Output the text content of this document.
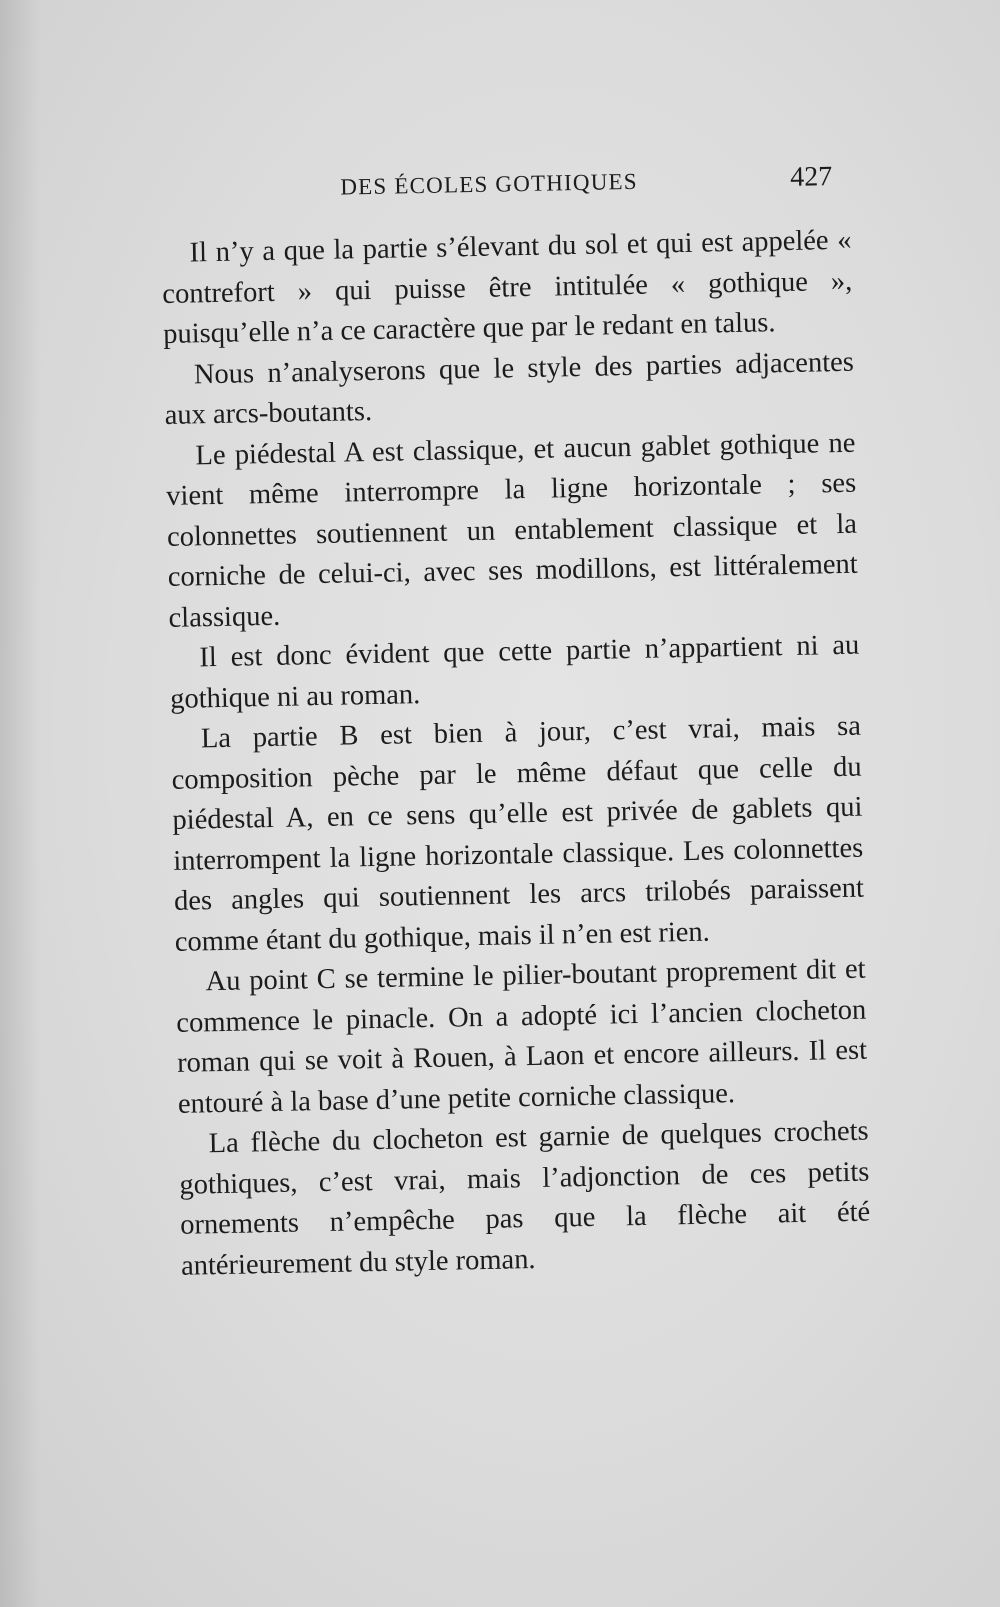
DES ÉCOLES GOTHIQUES	427

Il n’y a que la partie s’élevant du sol et qui est appelée « contrefort » qui puisse être intitulée « gothique », puisqu’elle n’a ce caractère que par le redant en talus.

Nous n’analyserons que le style des parties adjacentes aux arcs-boutants.

Le piédestal A est classique, et aucun gablet gothique ne vient même interrompre la ligne horizontale ; ses colonnettes soutiennent un entablement classique et la corniche de celui-ci, avec ses modillons, est littéralement classique.

Il est donc évident que cette partie n’appartient ni au gothique ni au roman.

La partie B est bien à jour, c’est vrai, mais sa composition pèche par le même défaut que celle du piédestal A, en ce sens qu’elle est privée de gablets qui interrompent la ligne horizontale classique. Les colonnettes des angles qui soutiennent les arcs trilobés paraissent comme étant du gothique, mais il n’en est rien.

Au point C se termine le pilier-boutant proprement dit et commence le pinacle. On a adopté ici l’ancien clocheton roman qui se voit à Rouen, à Laon et encore ailleurs. Il est entouré à la base d’une petite corniche classique.

La flèche du clocheton est garnie de quelques crochets gothiques, c’est vrai, mais l’adjonction de ces petits ornements n’empêche pas que la flèche ait été antérieurement du style roman.
